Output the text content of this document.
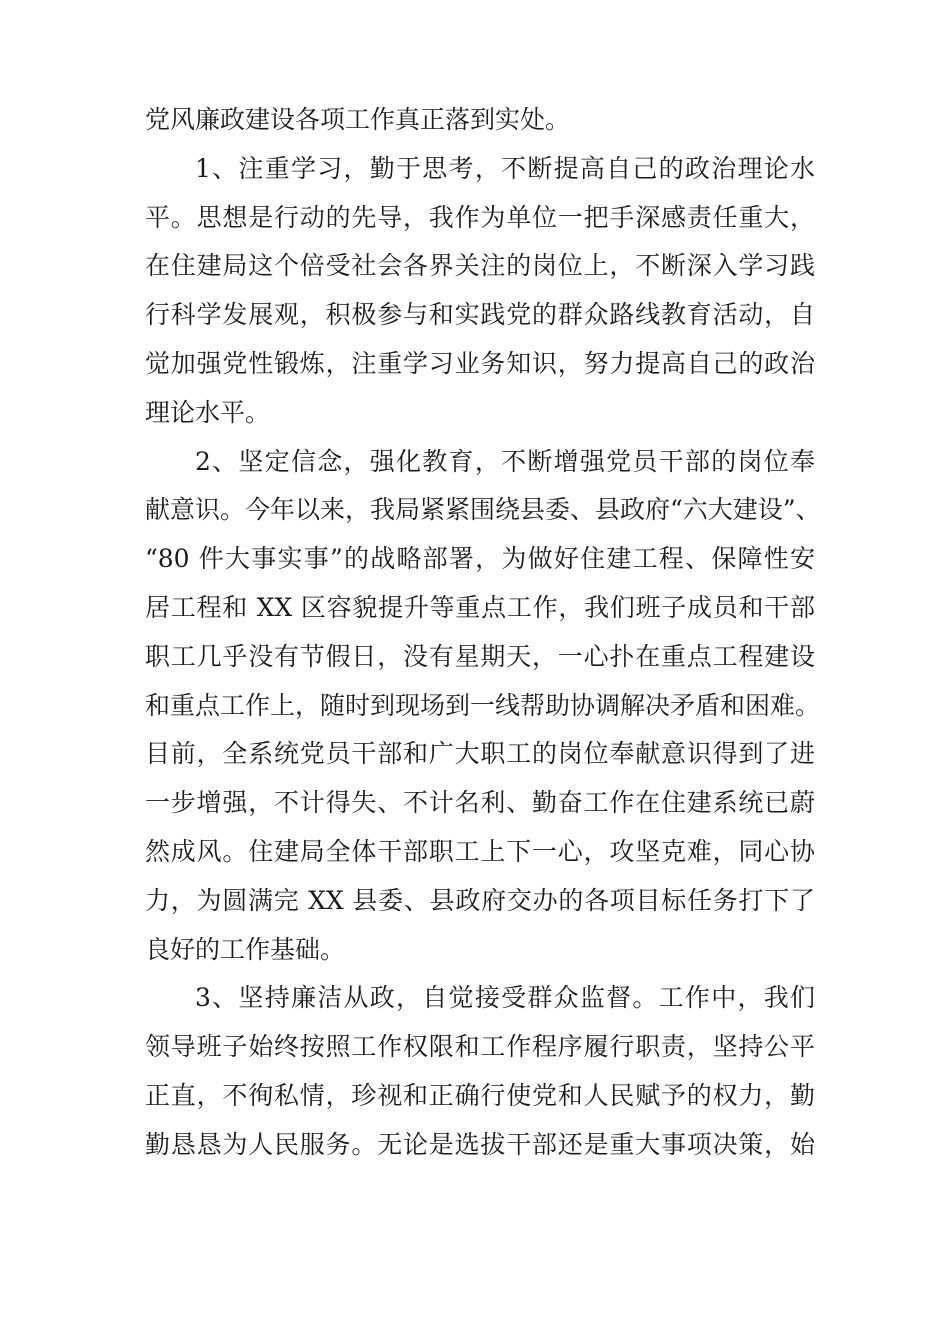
党风廉政建设各项工作真正落到实处。
1、注重学习，勤于思考，不断提高自己的政治理论水
平。思想是行动的先导，我作为单位一把手深感责任重大，
在住建局这个倍受社会各界关注的岗位上，不断深入学习践
行科学发展观，积极参与和实践党的群众路线教育活动，自
觉加强党性锻炼，注重学习业务知识，努力提高自己的政治
理论水平。
2、坚定信念，强化教育，不断增强党员干部的岗位奉
献意识。今年以来，我局紧紧围绕县委、县政府“六大建设”、
“80 件大事实事”的战略部署，为做好住建工程、保障性安
居工程和 XX 区容貌提升等重点工作，我们班子成员和干部
职工几乎没有节假日，没有星期天，一心扑在重点工程建设
和重点工作上，随时到现场到一线帮助协调解决矛盾和困难。
目前，全系统党员干部和广大职工的岗位奉献意识得到了进
一步增强，不计得失、不计名利、勤奋工作在住建系统已蔚
然成风。住建局全体干部职工上下一心，攻坚克难，同心协
力，为圆满完 XX 县委、县政府交办的各项目标任务打下了
良好的工作基础。
3、坚持廉洁从政，自觉接受群众监督。工作中，我们
领导班子始终按照工作权限和工作程序履行职责，坚持公平
正直，不徇私情，珍视和正确行使党和人民赋予的权力，勤
勤恳恳为人民服务。无论是选拔干部还是重大事项决策，始
